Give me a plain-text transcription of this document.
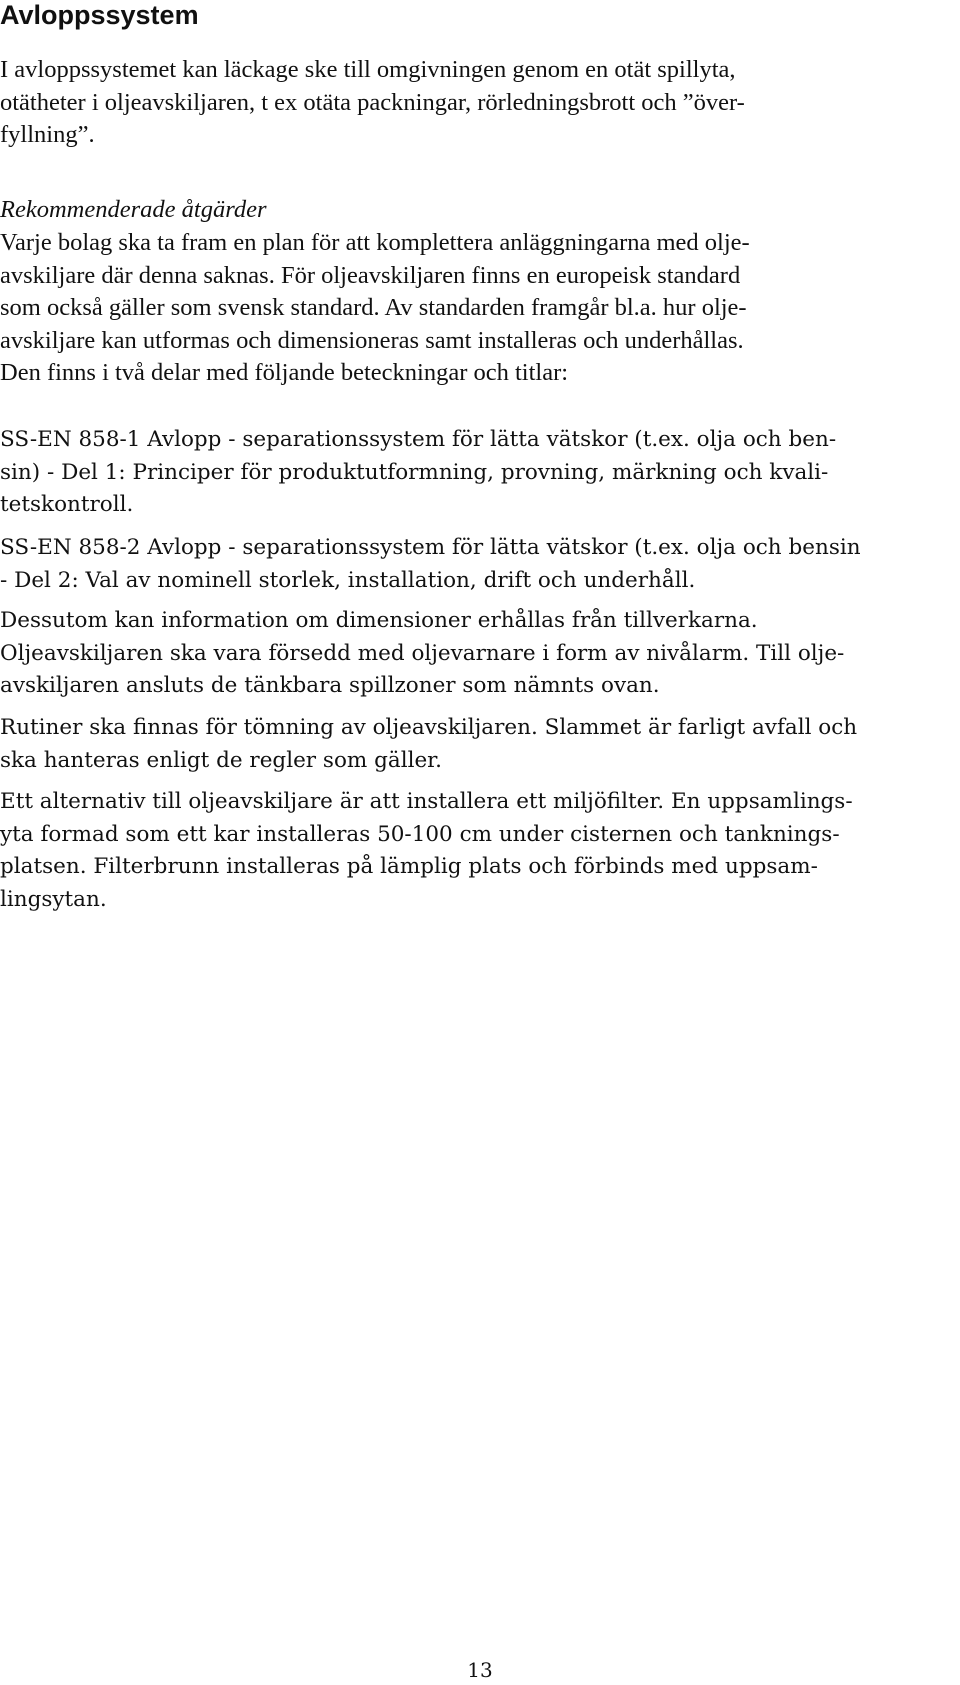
Avloppssystem

I avloppssystemet kan läckage ske till omgivningen genom en otät spillyta,
otätheter i oljeavskiljaren, t ex otäta packningar, rörledningsbrott och ”över-
fyllning”.

Rekommenderade åtgärder

Varje bolag ska ta fram en plan för att komplettera anläggningarna med olje-
avskiljare där denna saknas. För oljeavskiljaren finns en europeisk standard
som också gäller som svensk standard. Av standarden framgår bl.a. hur olje-
avskiljare kan utformas och dimensioneras samt installeras och underhållas.
Den finns i två delar med följande beteckningar och titlar:

SS-EN 858-1 Avlopp - separationssystem för lätta vätskor (t.ex. olja och ben-
sin) - Del 1: Principer för produktutformning, provning, märkning och kvali-
tetskontroll.

SS-EN 858-2 Avlopp - separationssystem för lätta vätskor (t.ex. olja och bensin
- Del 2: Val av nominell storlek, installation, drift och underhåll.

Dessutom kan information om dimensioner erhållas från tillverkarna.
Oljeavskiljaren ska vara försedd med oljevarnare i form av nivålarm. Till olje-
avskiljaren ansluts de tänkbara spillzoner som nämnts ovan.

Rutiner ska finnas för tömning av oljeavskiljaren. Slammet är farligt avfall och
ska hanteras enligt de regler som gäller.

Ett alternativ till oljeavskiljare är att installera ett miljöfilter. En uppsamlings-
yta formad som ett kar installeras 50-100 cm under cisternen och tanknings-
platsen. Filterbrunn installeras på lämplig plats och förbinds med uppsam-
lingsytan.

13
